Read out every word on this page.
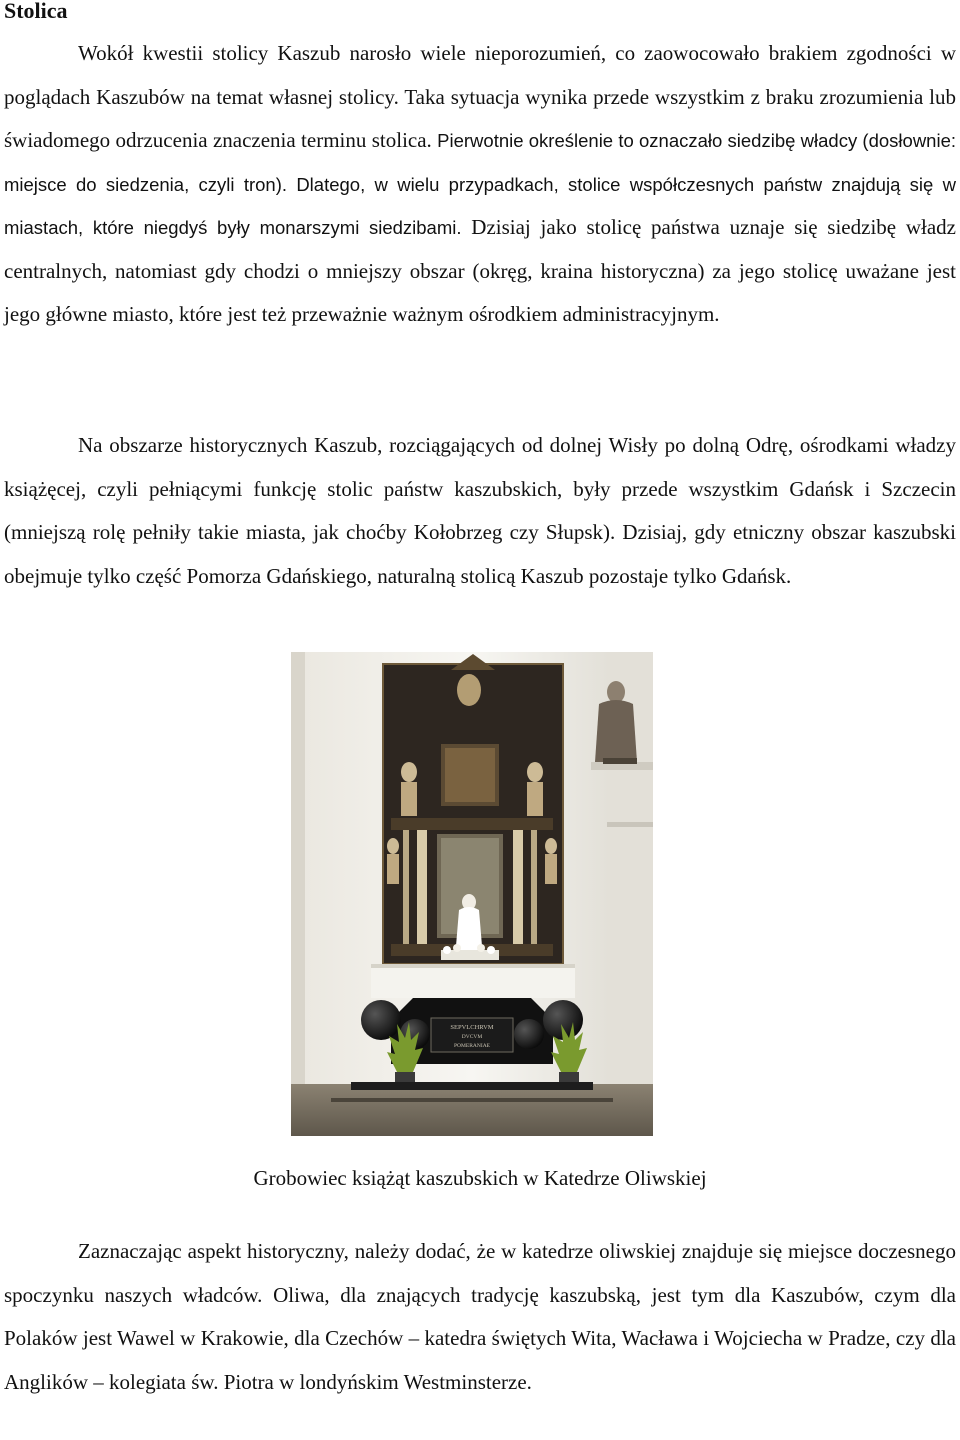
Stolica

Wokół kwestii stolicy Kaszub narosło wiele nieporozumień, co zaowocowało brakiem zgodności w poglądach Kaszubów na temat własnej stolicy. Taka sytuacja wynika przede wszystkim z braku zrozumienia lub świadomego odrzucenia znaczenia terminu stolica. Pierwotnie określenie to oznaczało siedzibę władcy (dosłownie: miejsce do siedzenia, czyli tron). Dlatego, w wielu przypadkach, stolice współczesnych państw znajdują się w miastach, które niegdyś były monarszymi siedzibami. Dzisiaj jako stolicę państwa uznaje się siedzibę władz centralnych, natomiast gdy chodzi o mniejszy obszar (okręg, kraina historyczna) za jego stolicę uważane jest jego główne miasto, które jest też przeważnie ważnym ośrodkiem administracyjnym.

Na obszarze historycznych Kaszub, rozciągających od dolnej Wisły po dolną Odrę, ośrodkami władzy książęcej, czyli pełniącymi funkcję stolic państw kaszubskich, były przede wszystkim Gdańsk i Szczecin (mniejszą rolę pełniły takie miasta, jak choćby Kołobrzeg czy Słupsk). Dzisiaj, gdy etniczny obszar kaszubski obejmuje tylko część Pomorza Gdańskiego, naturalną stolicą Kaszub pozostaje tylko Gdańsk.

SEPVLCHRVM
DVCVM
POMERANIAE

Grobowiec książąt kaszubskich w Katedrze Oliwskiej

Zaznaczając aspekt historyczny, należy dodać, że w katedrze oliwskiej znajduje się miejsce doczesnego spoczynku naszych władców. Oliwa, dla znających tradycję kaszubską, jest tym dla Kaszubów, czym dla Polaków jest Wawel w Krakowie, dla Czechów – katedra świętych Wita, Wacława i Wojciecha w Pradze, czy dla Anglików – kolegiata św. Piotra w londyńskim Westminsterze.
